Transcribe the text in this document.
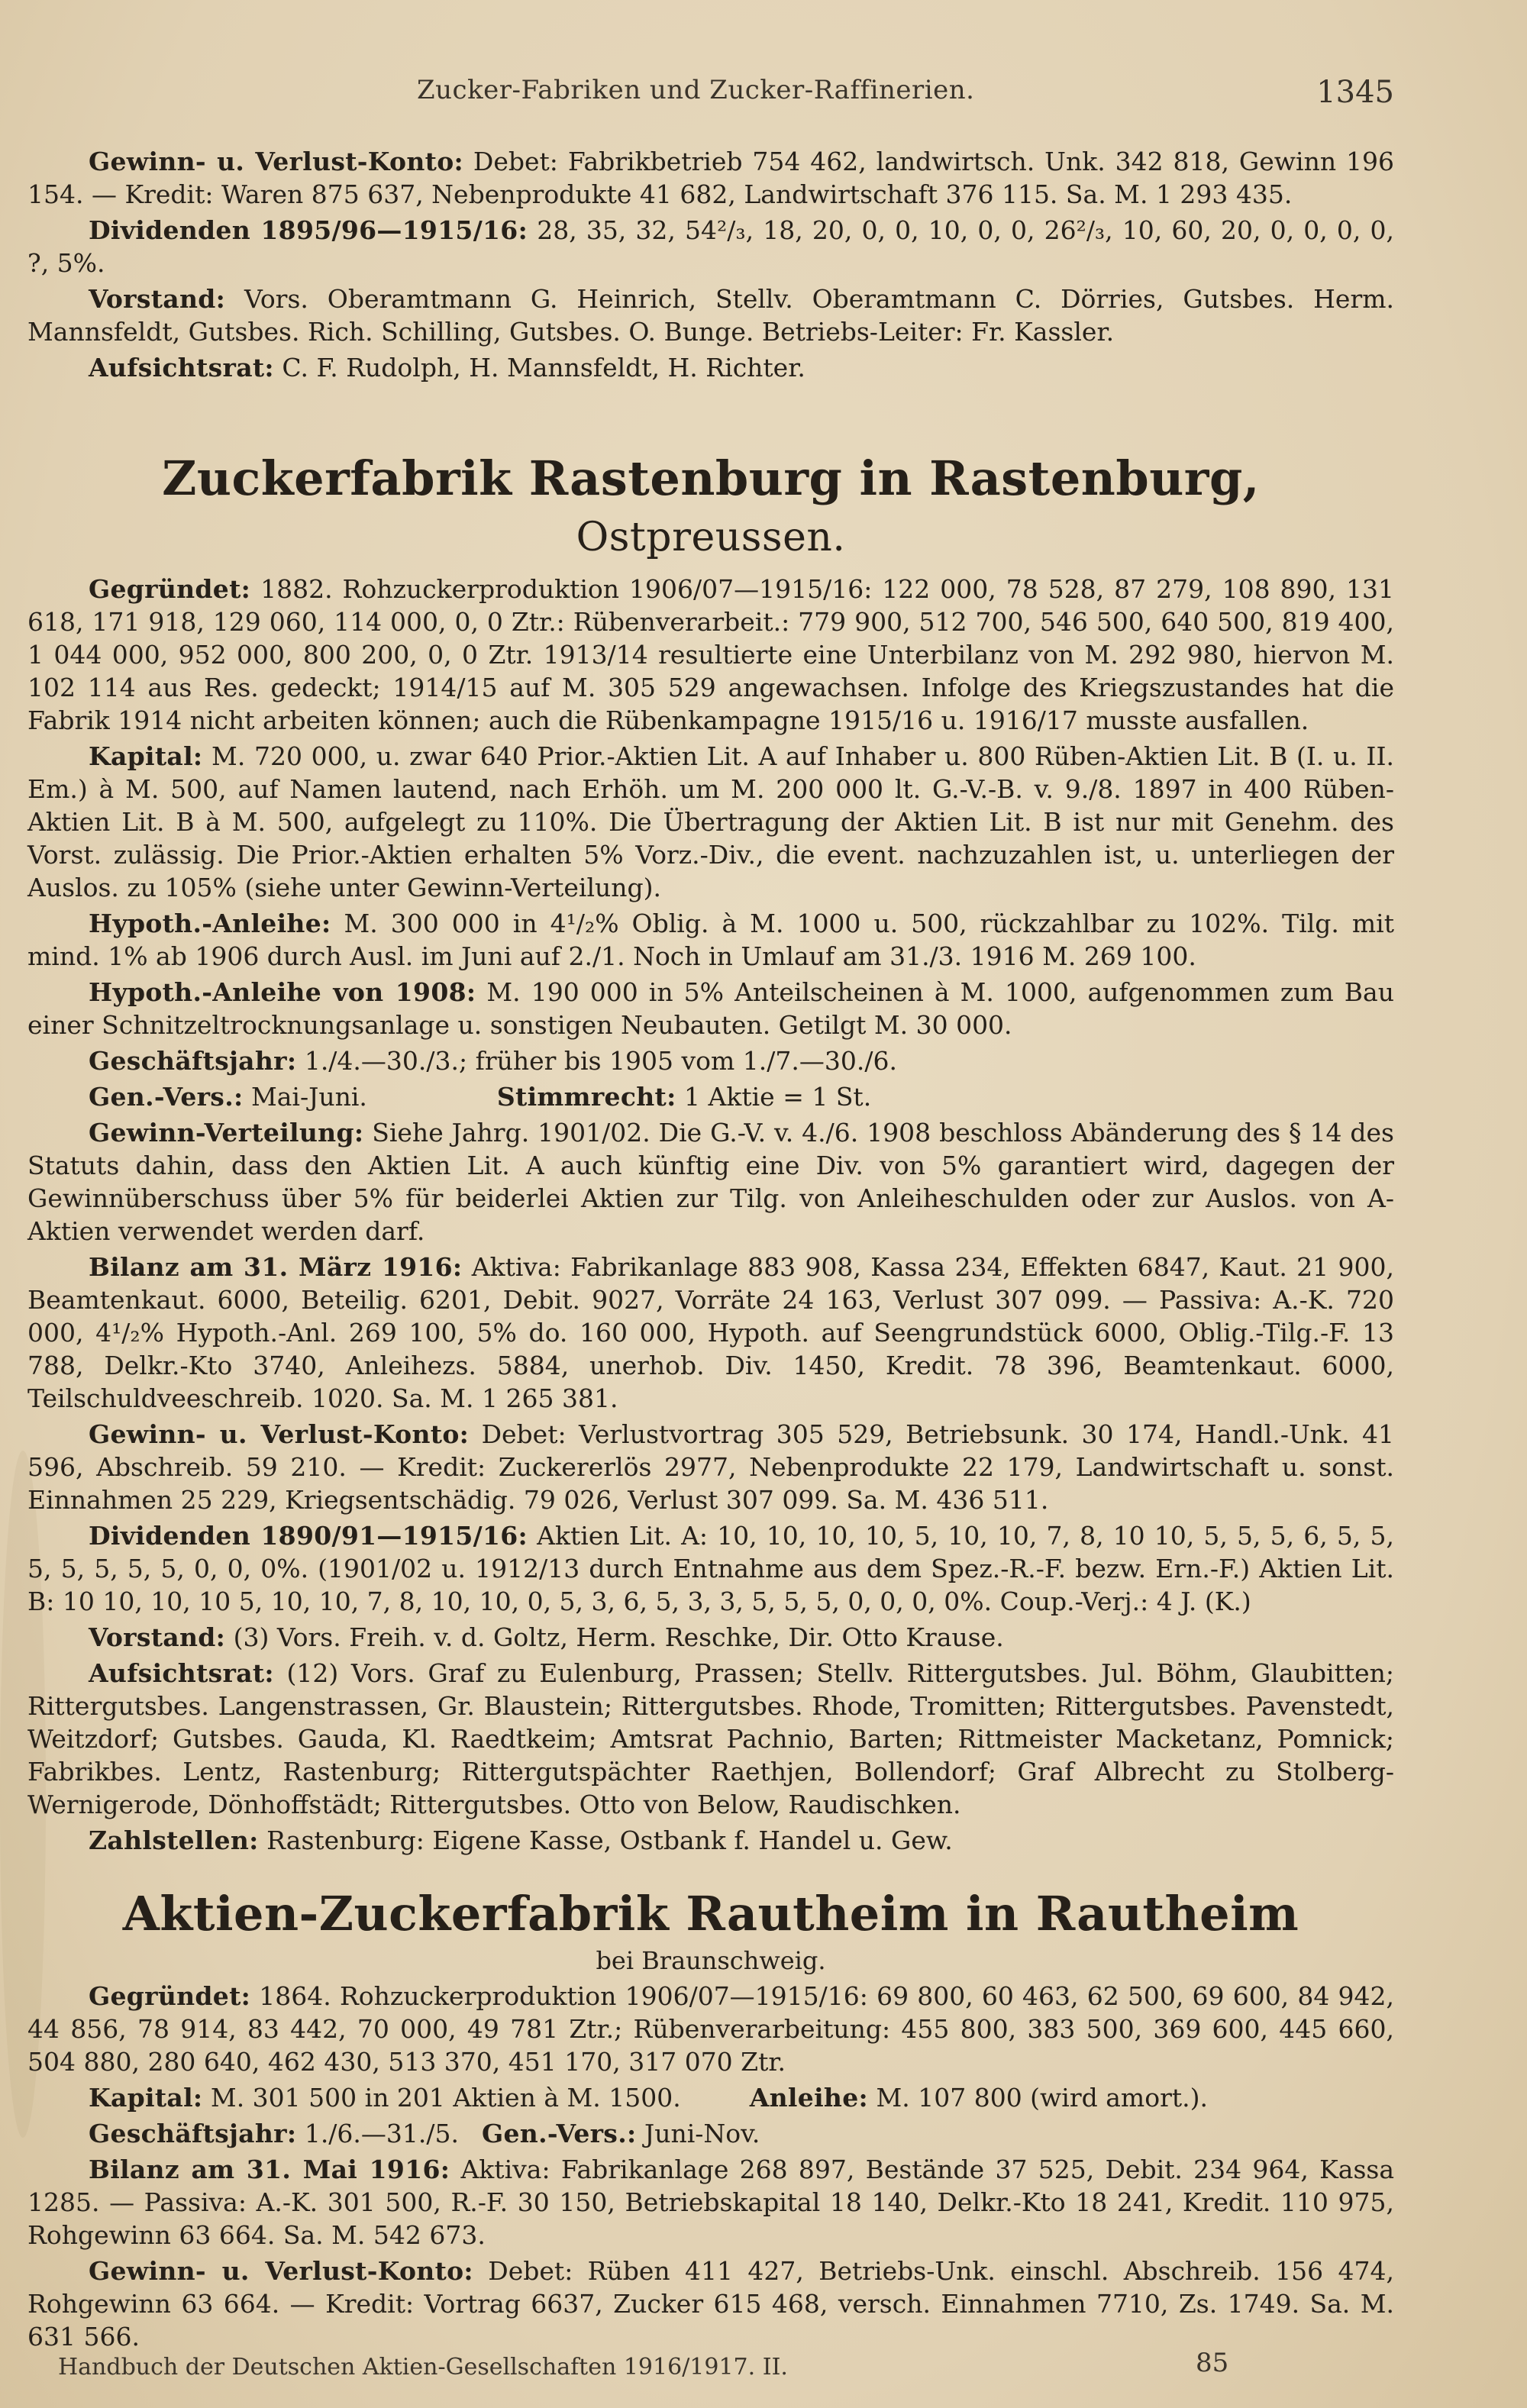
Zucker-Fabriken und Zucker-Raffinerien.	1345

Gewinn- u. Verlust-Konto: Debet: Fabrikbetrieb 754 462, landwirtsch. Unk. 342 818, Gewinn 196 154. — Kredit: Waren 875 637, Nebenprodukte 41 682, Landwirtschaft 376 115. Sa. M. 1 293 435.

Dividenden 1895/96—1915/16: 28, 35, 32, 54²/₃, 18, 20, 0, 0, 10, 0, 0, 26²/₃, 10, 60, 20, 0, 0, 0, 0, ?, 5%.

Vorstand: Vors. Oberamtmann G. Heinrich, Stellv. Oberamtmann C. Dörries, Gutsbes. Herm. Mannsfeldt, Gutsbes. Rich. Schilling, Gutsbes. O. Bunge. Betriebs-Leiter: Fr. Kassler.

Aufsichtsrat: C. F. Rudolph, H. Mannsfeldt, H. Richter.

Zuckerfabrik Rastenburg in Rastenburg, Ostpreussen.

Gegründet: 1882. Rohzuckerproduktion 1906/07—1915/16: 122 000, 78 528, 87 279, 108 890, 131 618, 171 918, 129 060, 114 000, 0, 0 Ztr.: Rübenverarbeit.: 779 900, 512 700, 546 500, 640 500, 819 400, 1 044 000, 952 000, 800 200, 0, 0 Ztr. 1913/14 resultierte eine Unterbilanz von M. 292 980, hiervon M. 102 114 aus Res. gedeckt; 1914/15 auf M. 305 529 angewachsen. Infolge des Kriegszustandes hat die Fabrik 1914 nicht arbeiten können; auch die Rübenkampagne 1915/16 u. 1916/17 musste ausfallen.

Kapital: M. 720 000, u. zwar 640 Prior.-Aktien Lit. A auf Inhaber u. 800 Rüben-Aktien Lit. B (I. u. II. Em.) à M. 500, auf Namen lautend, nach Erhöh. um M. 200 000 lt. G.-V.-B. v. 9./8. 1897 in 400 Rüben-Aktien Lit. B à M. 500, aufgelegt zu 110%. Die Übertragung der Aktien Lit. B ist nur mit Genehm. des Vorst. zulässig. Die Prior.-Aktien erhalten 5% Vorz.-Div., die event. nachzuzahlen ist, u. unterliegen der Auslos. zu 105% (siehe unter Gewinn-Verteilung).

Hypoth.-Anleihe: M. 300 000 in 4¹/₂% Oblig. à M. 1000 u. 500, rückzahlbar zu 102%. Tilg. mit mind. 1% ab 1906 durch Ausl. im Juni auf 2./1. Noch in Umlauf am 31./3. 1916 M. 269 100.

Hypoth.-Anleihe von 1908: M. 190 000 in 5% Anteilscheinen à M. 1000, aufgenommen zum Bau einer Schnitzeltrocknungsanlage u. sonstigen Neubauten. Getilgt M. 30 000.

Geschäftsjahr: 1./4.—30./3.; früher bis 1905 vom 1./7.—30./6.

Gen.-Vers.: Mai-Juni.	Stimmrecht: 1 Aktie = 1 St.

Gewinn-Verteilung: Siehe Jahrg. 1901/02. Die G.-V. v. 4./6. 1908 beschloss Abänderung des § 14 des Statuts dahin, dass den Aktien Lit. A auch künftig eine Div. von 5% garantiert wird, dagegen der Gewinnüberschuss über 5% für beiderlei Aktien zur Tilg. von Anleiheschulden oder zur Auslos. von A-Aktien verwendet werden darf.

Bilanz am 31. März 1916: Aktiva: Fabrikanlage 883 908, Kassa 234, Effekten 6847, Kaut. 21 900, Beamtenkaut. 6000, Beteilig. 6201, Debit. 9027, Vorräte 24 163, Verlust 307 099. — Passiva: A.-K. 720 000, 4¹/₂% Hypoth.-Anl. 269 100, 5% do. 160 000, Hypoth. auf Seengrundstück 6000, Oblig.-Tilg.-F. 13 788, Delkr.-Kto 3740, Anleihezs. 5884, unerhob. Div. 1450, Kredit. 78 396, Beamtenkaut. 6000, Teilschuldveeschreib. 1020. Sa. M. 1 265 381.

Gewinn- u. Verlust-Konto: Debet: Verlustvortrag 305 529, Betriebsunk. 30 174, Handl.-Unk. 41 596, Abschreib. 59 210. — Kredit: Zuckererlös 2977, Nebenprodukte 22 179, Landwirtschaft u. sonst. Einnahmen 25 229, Kriegsentschädig. 79 026, Verlust 307 099. Sa. M. 436 511.

Dividenden 1890/91—1915/16: Aktien Lit. A: 10, 10, 10, 10, 5, 10, 10, 7, 8, 10 10, 5, 5, 5, 6, 5, 5, 5, 5, 5, 5, 5, 0, 0, 0%. (1901/02 u. 1912/13 durch Entnahme aus dem Spez.-R.-F. bezw. Ern.-F.) Aktien Lit. B: 10 10, 10, 10 5, 10, 10, 7, 8, 10, 10, 0, 5, 3, 6, 5, 3, 3, 5, 5, 5, 0, 0, 0, 0%. Coup.-Verj.: 4 J. (K.)

Vorstand: (3) Vors. Freih. v. d. Goltz, Herm. Reschke, Dir. Otto Krause.

Aufsichtsrat: (12) Vors. Graf zu Eulenburg, Prassen; Stellv. Rittergutsbes. Jul. Böhm, Glaubitten; Rittergutsbes. Langenstrassen, Gr. Blaustein; Rittergutsbes. Rhode, Tromitten; Rittergutsbes. Pavenstedt, Weitzdorf; Gutsbes. Gauda, Kl. Raedtkeim; Amtsrat Pachnio, Barten; Rittmeister Macketanz, Pomnick; Fabrikbes. Lentz, Rastenburg; Rittergutspächter Raethjen, Bollendorf; Graf Albrecht zu Stolberg-Wernigerode, Dönhoffstädt; Rittergutsbes. Otto von Below, Raudischken.

Zahlstellen: Rastenburg: Eigene Kasse, Ostbank f. Handel u. Gew.

Aktien-Zuckerfabrik Rautheim in Rautheim
bei Braunschweig.

Gegründet: 1864. Rohzuckerproduktion 1906/07—1915/16: 69 800, 60 463, 62 500, 69 600, 84 942, 44 856, 78 914, 83 442, 70 000, 49 781 Ztr.; Rübenverarbeitung: 455 800, 383 500, 369 600, 445 660, 504 880, 280 640, 462 430, 513 370, 451 170, 317 070 Ztr.

Kapital: M. 301 500 in 201 Aktien à M. 1500.	Anleihe: M. 107 800 (wird amort.).

Geschäftsjahr: 1./6.—31./5. Gen.-Vers.: Juni-Nov.

Bilanz am 31. Mai 1916: Aktiva: Fabrikanlage 268 897, Bestände 37 525, Debit. 234 964, Kassa 1285. — Passiva: A.-K. 301 500, R.-F. 30 150, Betriebskapital 18 140, Delkr.-Kto 18 241, Kredit. 110 975, Rohgewinn 63 664. Sa. M. 542 673.

Gewinn- u. Verlust-Konto: Debet: Rüben 411 427, Betriebs-Unk. einschl. Abschreib. 156 474, Rohgewinn 63 664. — Kredit: Vortrag 6637, Zucker 615 468, versch. Einnahmen 7710, Zs. 1749. Sa. M. 631 566.

Handbuch der Deutschen Aktien-Gesellschaften 1916/1917. II.	85
